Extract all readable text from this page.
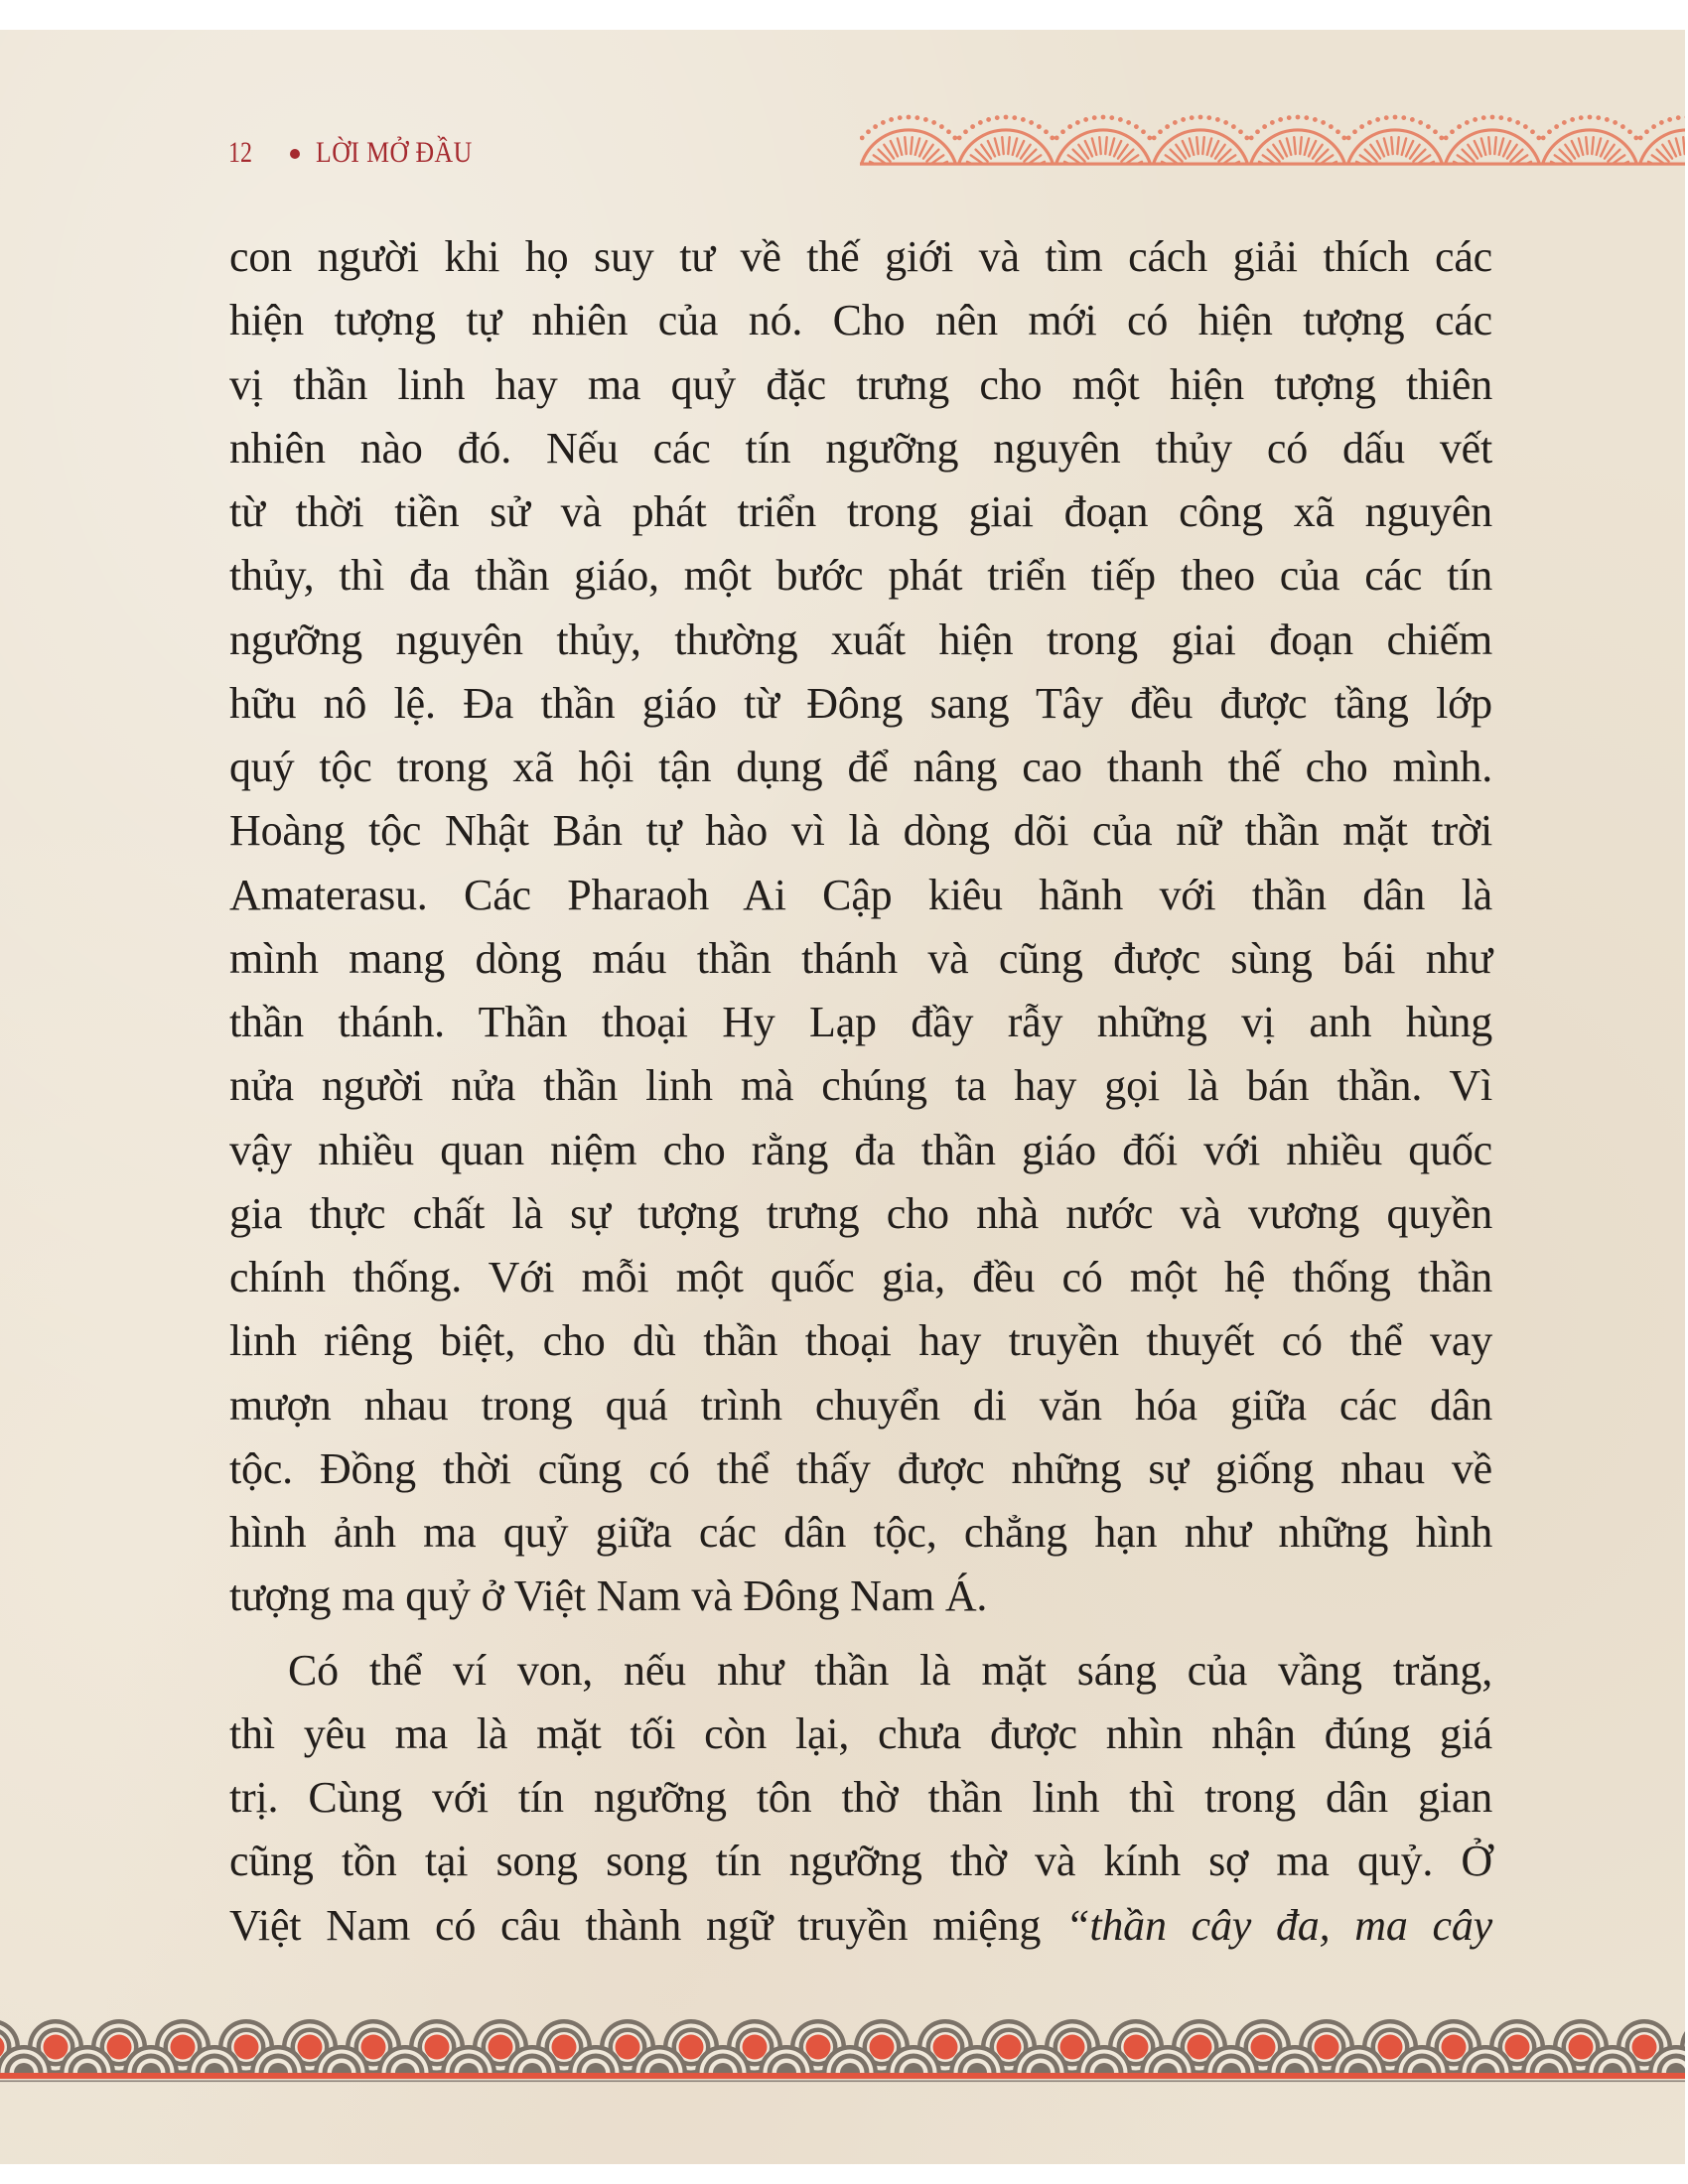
12 LỜI MỞ ĐẦU
con người khi họ suy tư về thế giới và tìm cách giải thích các
hiện tượng tự nhiên của nó. Cho nên mới có hiện tượng các
vị thần linh hay ma quỷ đặc trưng cho một hiện tượng thiên
nhiên nào đó. Nếu các tín ngưỡng nguyên thủy có dấu vết
từ thời tiền sử và phát triển trong giai đoạn công xã nguyên
thủy, thì đa thần giáo, một bước phát triển tiếp theo của các tín
ngưỡng nguyên thủy, thường xuất hiện trong giai đoạn chiếm
hữu nô lệ. Đa thần giáo từ Đông sang Tây đều được tầng lớp
quý tộc trong xã hội tận dụng để nâng cao thanh thế cho mình.
Hoàng tộc Nhật Bản tự hào vì là dòng dõi của nữ thần mặt trời
Amaterasu. Các Pharaoh Ai Cập kiêu hãnh với thần dân là
mình mang dòng máu thần thánh và cũng được sùng bái như
thần thánh. Thần thoại Hy Lạp đầy rẫy những vị anh hùng
nửa người nửa thần linh mà chúng ta hay gọi là bán thần. Vì
vậy nhiều quan niệm cho rằng đa thần giáo đối với nhiều quốc
gia thực chất là sự tượng trưng cho nhà nước và vương quyền
chính thống. Với mỗi một quốc gia, đều có một hệ thống thần
linh riêng biệt, cho dù thần thoại hay truyền thuyết có thể vay
mượn nhau trong quá trình chuyển di văn hóa giữa các dân
tộc. Đồng thời cũng có thể thấy được những sự giống nhau về
hình ảnh ma quỷ giữa các dân tộc, chẳng hạn như những hình
tượng ma quỷ ở Việt Nam và Đông Nam Á.
Có thể ví von, nếu như thần là mặt sáng của vầng trăng,
thì yêu ma là mặt tối còn lại, chưa được nhìn nhận đúng giá
trị. Cùng với tín ngưỡng tôn thờ thần linh thì trong dân gian
cũng tồn tại song song tín ngưỡng thờ và kính sợ ma quỷ. Ở
Việt Nam có câu thành ngữ truyền miệng “thần cây đa, ma cây
